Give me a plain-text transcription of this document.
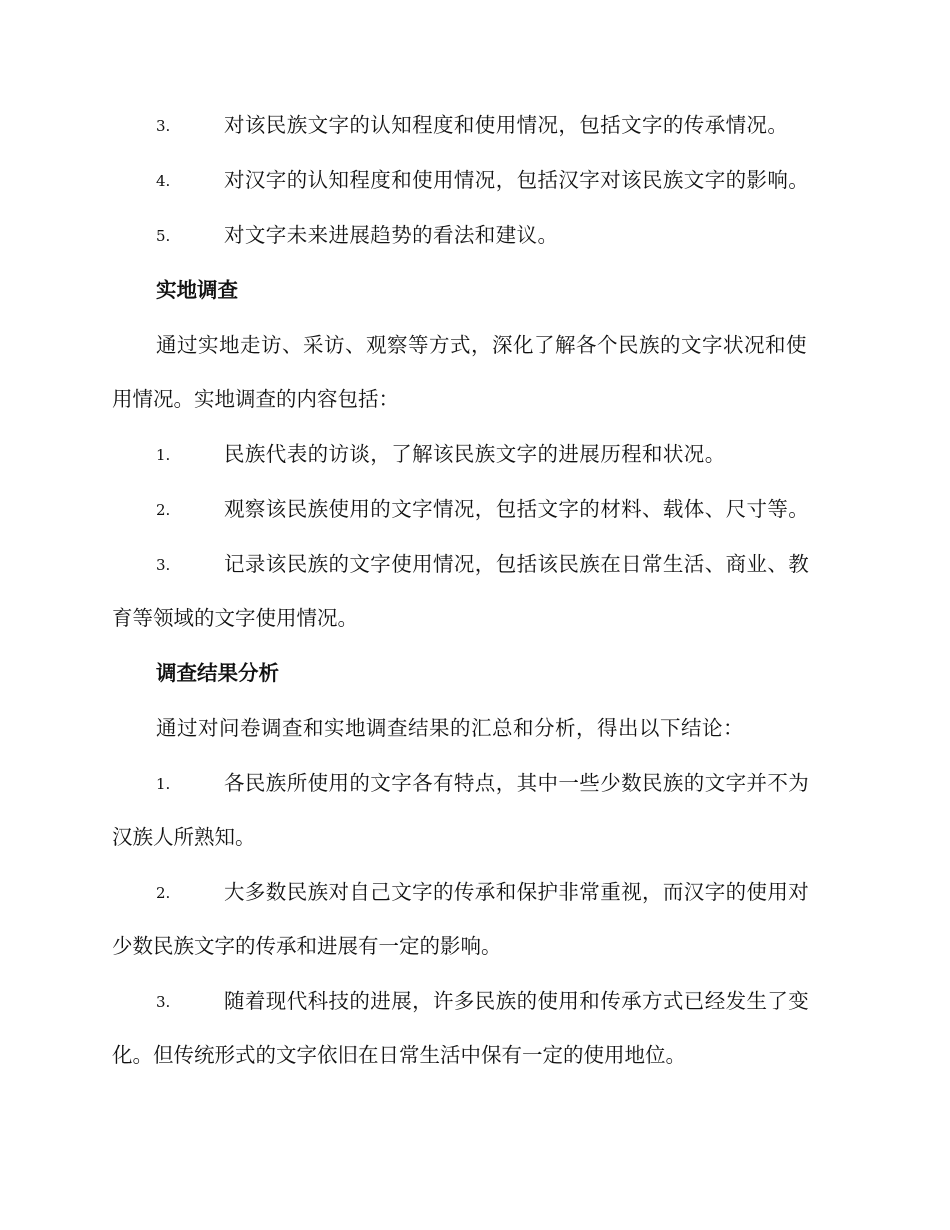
3.	对该民族文字的认知程度和使用情况，包括文字的传承情况。
4.	对汉字的认知程度和使用情况，包括汉字对该民族文字的影响。
5.	对文字未来进展趋势的看法和建议。
实地调查
通过实地走访、采访、观察等方式，深化了解各个民族的文字状况和使
用情况。实地调查的内容包括：
1.	民族代表的访谈，了解该民族文字的进展历程和状况。
2.	观察该民族使用的文字情况，包括文字的材料、载体、尺寸等。
3.	记录该民族的文字使用情况，包括该民族在日常生活、商业、教
育等领域的文字使用情况。
调查结果分析
通过对问卷调查和实地调查结果的汇总和分析，得出以下结论：
1.	各民族所使用的文字各有特点，其中一些少数民族的文字并不为
汉族人所熟知。
2.	大多数民族对自己文字的传承和保护非常重视，而汉字的使用对
少数民族文字的传承和进展有一定的影响。
3.	随着现代科技的进展，许多民族的使用和传承方式已经发生了变
化。但传统形式的文字依旧在日常生活中保有一定的使用地位。
